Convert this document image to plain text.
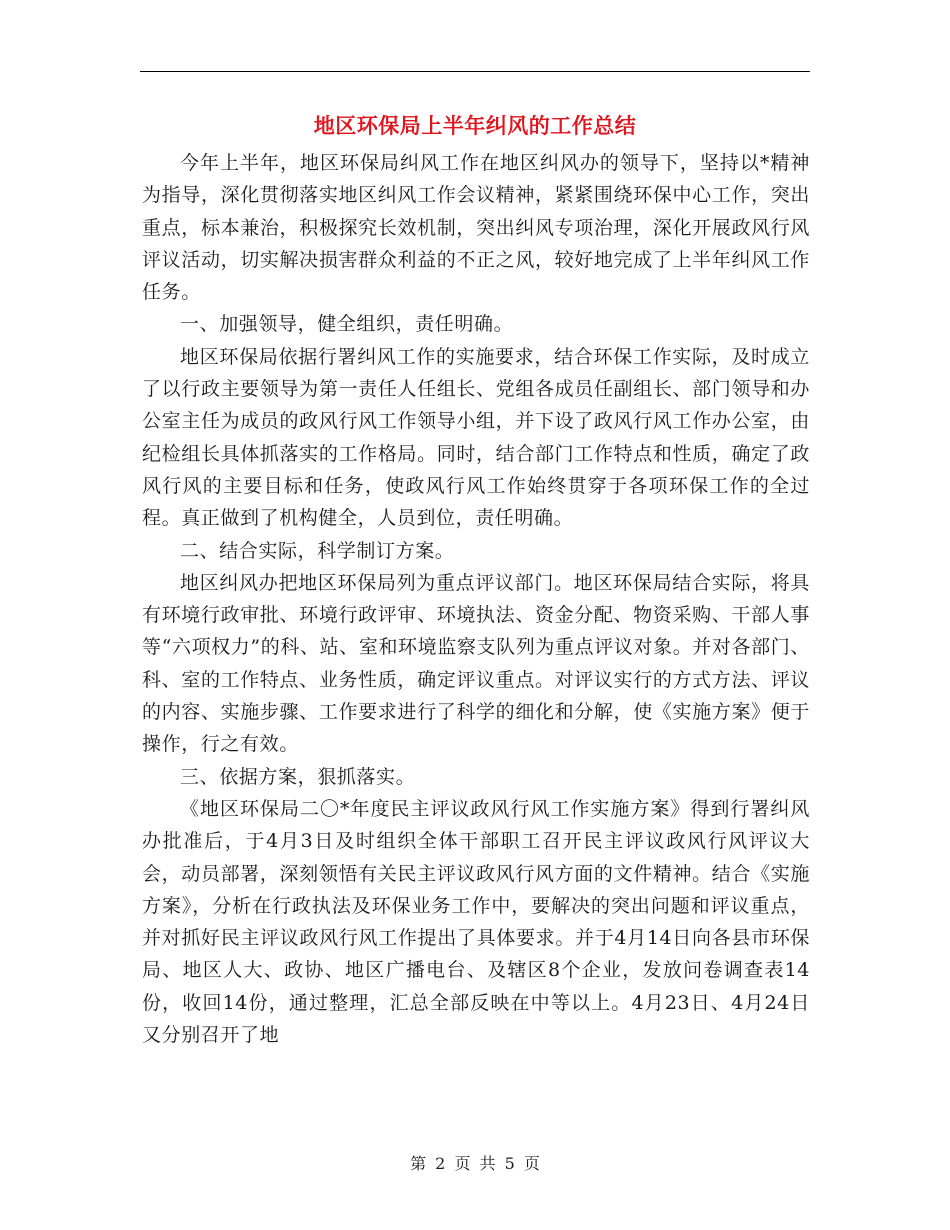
地区环保局上半年纠风的工作总结

今年上半年，地区环保局纠风工作在地区纠风办的领导下，坚持以*精神为指导，深化贯彻落实地区纠风工作会议精神，紧紧围绕环保中心工作，突出重点，标本兼治，积极探究长效机制，突出纠风专项治理，深化开展政风行风评议活动，切实解决损害群众利益的不正之风，较好地完成了上半年纠风工作任务。

一、加强领导，健全组织，责任明确。

地区环保局依据行署纠风工作的实施要求，结合环保工作实际，及时成立了以行政主要领导为第一责任人任组长、党组各成员任副组长、部门领导和办公室主任为成员的政风行风工作领导小组，并下设了政风行风工作办公室，由纪检组长具体抓落实的工作格局。同时，结合部门工作特点和性质，确定了政风行风的主要目标和任务，使政风行风工作始终贯穿于各项环保工作的全过程。真正做到了机构健全，人员到位，责任明确。

二、结合实际，科学制订方案。

地区纠风办把地区环保局列为重点评议部门。地区环保局结合实际，将具有环境行政审批、环境行政评审、环境执法、资金分配、物资采购、干部人事等“六项权力”的科、站、室和环境监察支队列为重点评议对象。并对各部门、科、室的工作特点、业务性质，确定评议重点。对评议实行的方式方法、评议的内容、实施步骤、工作要求进行了科学的细化和分解，使《实施方案》便于操作，行之有效。

三、依据方案，狠抓落实。

《地区环保局二〇*年度民主评议政风行风工作实施方案》得到行署纠风办批准后，于4月3日及时组织全体干部职工召开民主评议政风行风评议大会，动员部署，深刻领悟有关民主评议政风行风方面的文件精神。结合《实施方案》，分析在行政执法及环保业务工作中，要解决的突出问题和评议重点，并对抓好民主评议政风行风工作提出了具体要求。并于4月14日向各县市环保局、地区人大、政协、地区广播电台、及辖区8个企业，发放问卷调查表14份，收回14份，通过整理，汇总全部反映在中等以上。4月23日、4月24日又分别召开了地

第 2 页 共 5 页
